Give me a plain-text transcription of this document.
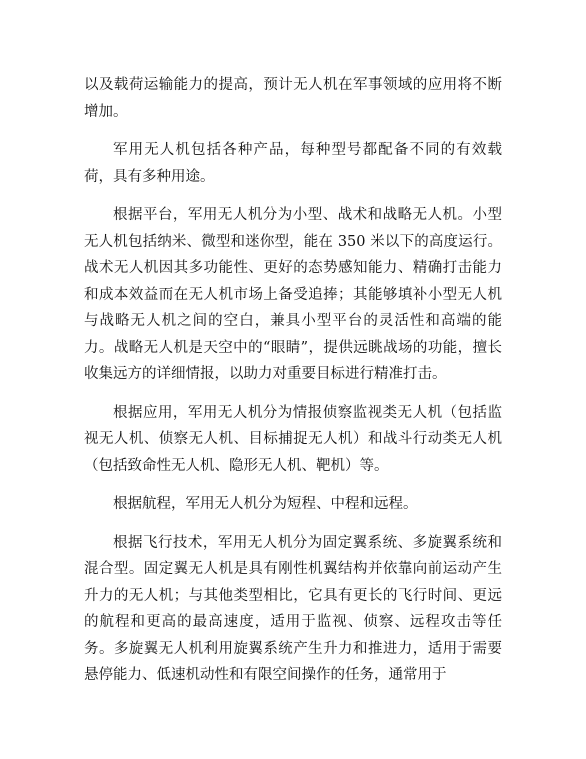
以及载荷运输能力的提高，预计无人机在军事领域的应用将不断增加。

军用无人机包括各种产品，每种型号都配备不同的有效载荷，具有多种用途。

根据平台，军用无人机分为小型、战术和战略无人机。小型无人机包括纳米、微型和迷你型，能在 350 米以下的高度运行。战术无人机因其多功能性、更好的态势感知能力、精确打击能力和成本效益而在无人机市场上备受追捧；其能够填补小型无人机与战略无人机之间的空白，兼具小型平台的灵活性和高端的能力。战略无人机是天空中的“眼睛”，提供远眺战场的功能，擅长收集远方的详细情报，以助力对重要目标进行精准打击。

根据应用，军用无人机分为情报侦察监视类无人机（包括监视无人机、侦察无人机、目标捕捉无人机）和战斗行动类无人机（包括致命性无人机、隐形无人机、靶机）等。

根据航程，军用无人机分为短程、中程和远程。

根据飞行技术，军用无人机分为固定翼系统、多旋翼系统和混合型。固定翼无人机是具有刚性机翼结构并依靠向前运动产生升力的无人机；与其他类型相比，它具有更长的飞行时间、更远的航程和更高的最高速度，适用于监视、侦察、远程攻击等任务。多旋翼无人机利用旋翼系统产生升力和推进力，适用于需要悬停能力、低速机动性和有限空间操作的任务，通常用于
